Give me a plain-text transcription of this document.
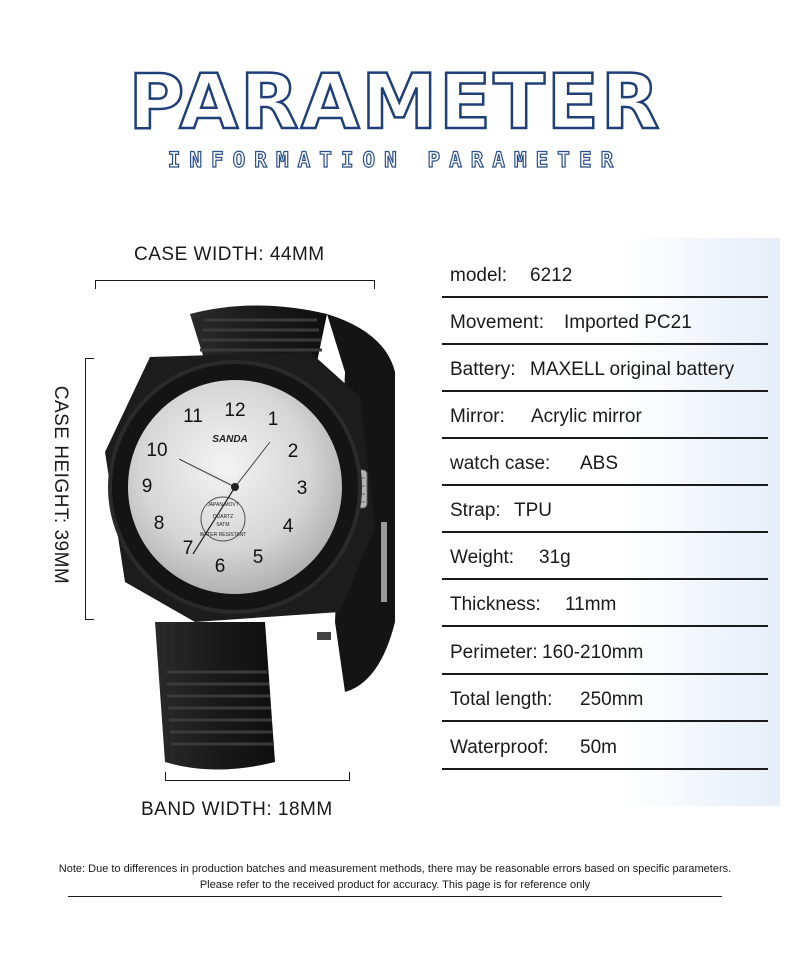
PARAMETER
INFORMATION PARAMETER
CASE WIDTH: 44MM
CASE HEIGHT: 39MM
BAND WIDTH: 18MM
SANDA
12 1
2
3
4
5
6
7
8
9
10
11
JAPAN MOVT
QUARTZ
5ATM
WATER RESISTANT
model: 6212
Movement: Imported PC21
Battery: MAXELL original battery
Mirror: Acrylic mirror
watch case: ABS
Strap: TPU
Weight: 31g
Thickness: 11mm
Perimeter: 160-210mm
Total length: 250mm
Waterproof: 50m
Note: Due to differences in production batches and measurement methods, there may be reasonable errors based on specific parameters.
Please refer to the received product for accuracy. This page is for reference only
